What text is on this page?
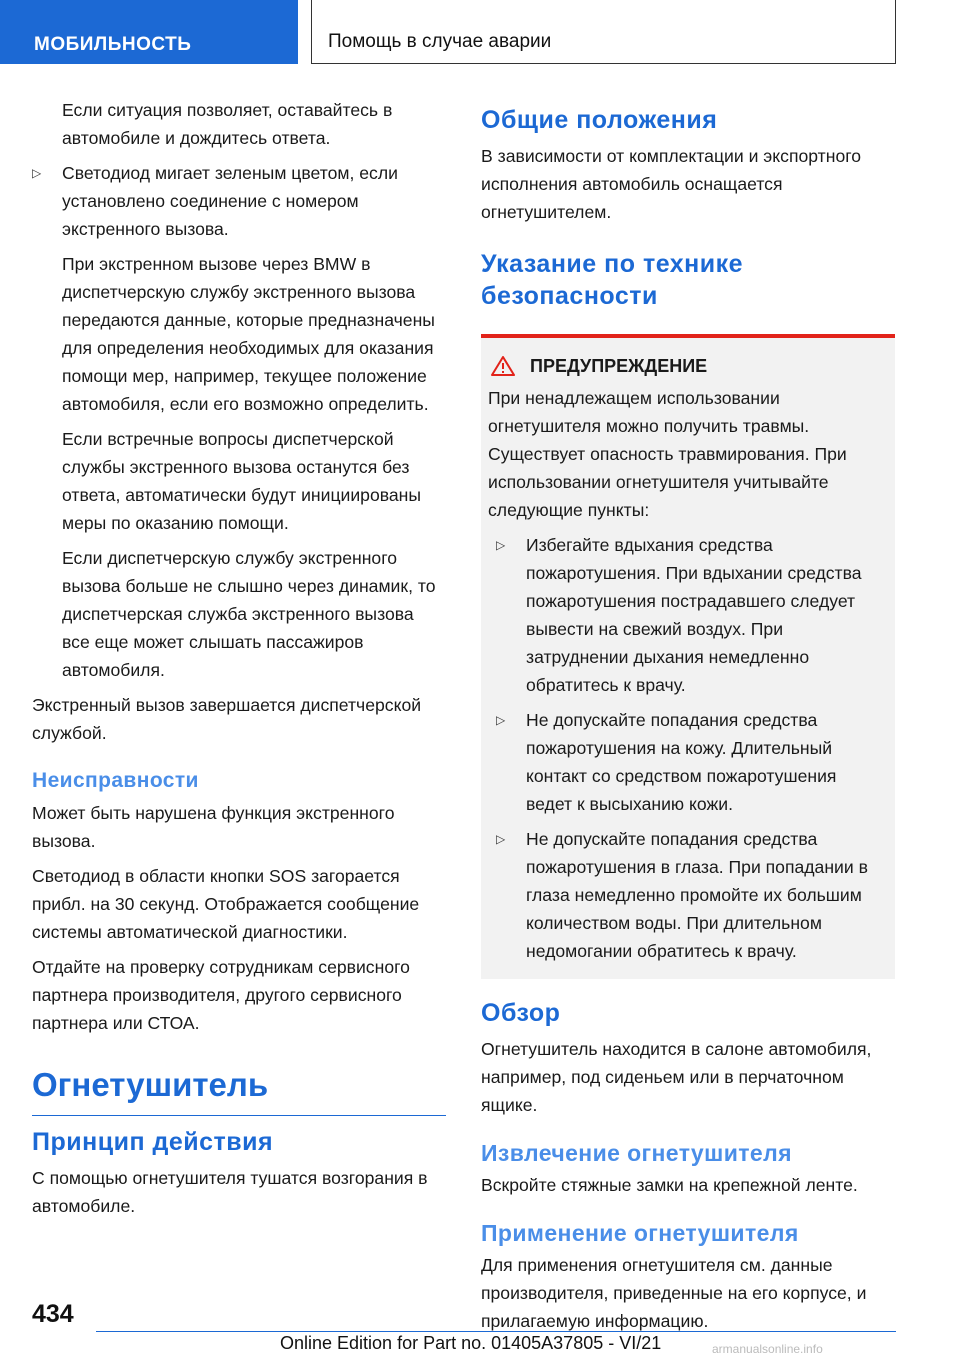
МОБИЛЬНОСТЬ	Помощь в случае аварии

Если ситуация позволяет, оставайтесь в автомобиле и дождитесь ответа.

▷ Светодиод мигает зеленым цветом, если установлено соединение с номером экстренного вызова.

При экстренном вызове через BMW в диспетчерскую службу экстренного вызова передаются данные, которые предназначены для определения необходимых для оказания помощи мер, например, текущее положение автомобиля, если его возможно определить.

Если встречные вопросы диспетчерской службы экстренного вызова останутся без ответа, автоматически будут инициированы меры по оказанию помощи.

Если диспетчерскую службу экстренного вызова больше не слышно через динамик, то диспетчерская служба экстренного вызова все еще может слышать пассажиров автомобиля.

Экстренный вызов завершается диспетчерской службой.

Неисправности

Может быть нарушена функция экстренного вызова.

Светодиод в области кнопки SOS загорается прибл. на 30 секунд. Отображается сообщение системы автоматической диагностики.

Отдайте на проверку сотрудникам сервисного партнера производителя, другого сервисного партнера или СТОА.

Огнетушитель
Принцип действия

С помощью огнетушителя тушатся возгорания в автомобиле.

Общие положения

В зависимости от комплектации и экспортного исполнения автомобиль оснащается огнетушителем.

Указание по технике безопасности
ПРЕДУПРЕЖДЕНИЕ

При ненадлежащем использовании огнетушителя можно получить травмы. Существует опасность травмирования. При использовании огнетушителя учитывайте следующие пункты:

▷ Избегайте вдыхания средства пожаротушения. При вдыхании средства пожаротушения пострадавшего следует вывести на свежий воздух. При затруднении дыхания немедленно обратитесь к врачу.
▷ Не допускайте попадания средства пожаротушения на кожу. Длительный контакт со средством пожаротушения ведет к высыханию кожи.
▷ Не допускайте попадания средства пожаротушения в глаза. При попадании в глаза немедленно промойте их большим количеством воды. При длительном недомогании обратитесь к врачу.
Обзор

Огнетушитель находится в салоне автомобиля, например, под сиденьем или в перчаточном ящике.

Извлечение огнетушителя

Вскройте стяжные замки на крепежной ленте.

Применение огнетушителя

Для применения огнетушителя см. данные производителя, приведенные на его корпусе, и прилагаемую информацию.

434
Online Edition for Part no. 01405A37805 - VI/21	armanualsonline.info
